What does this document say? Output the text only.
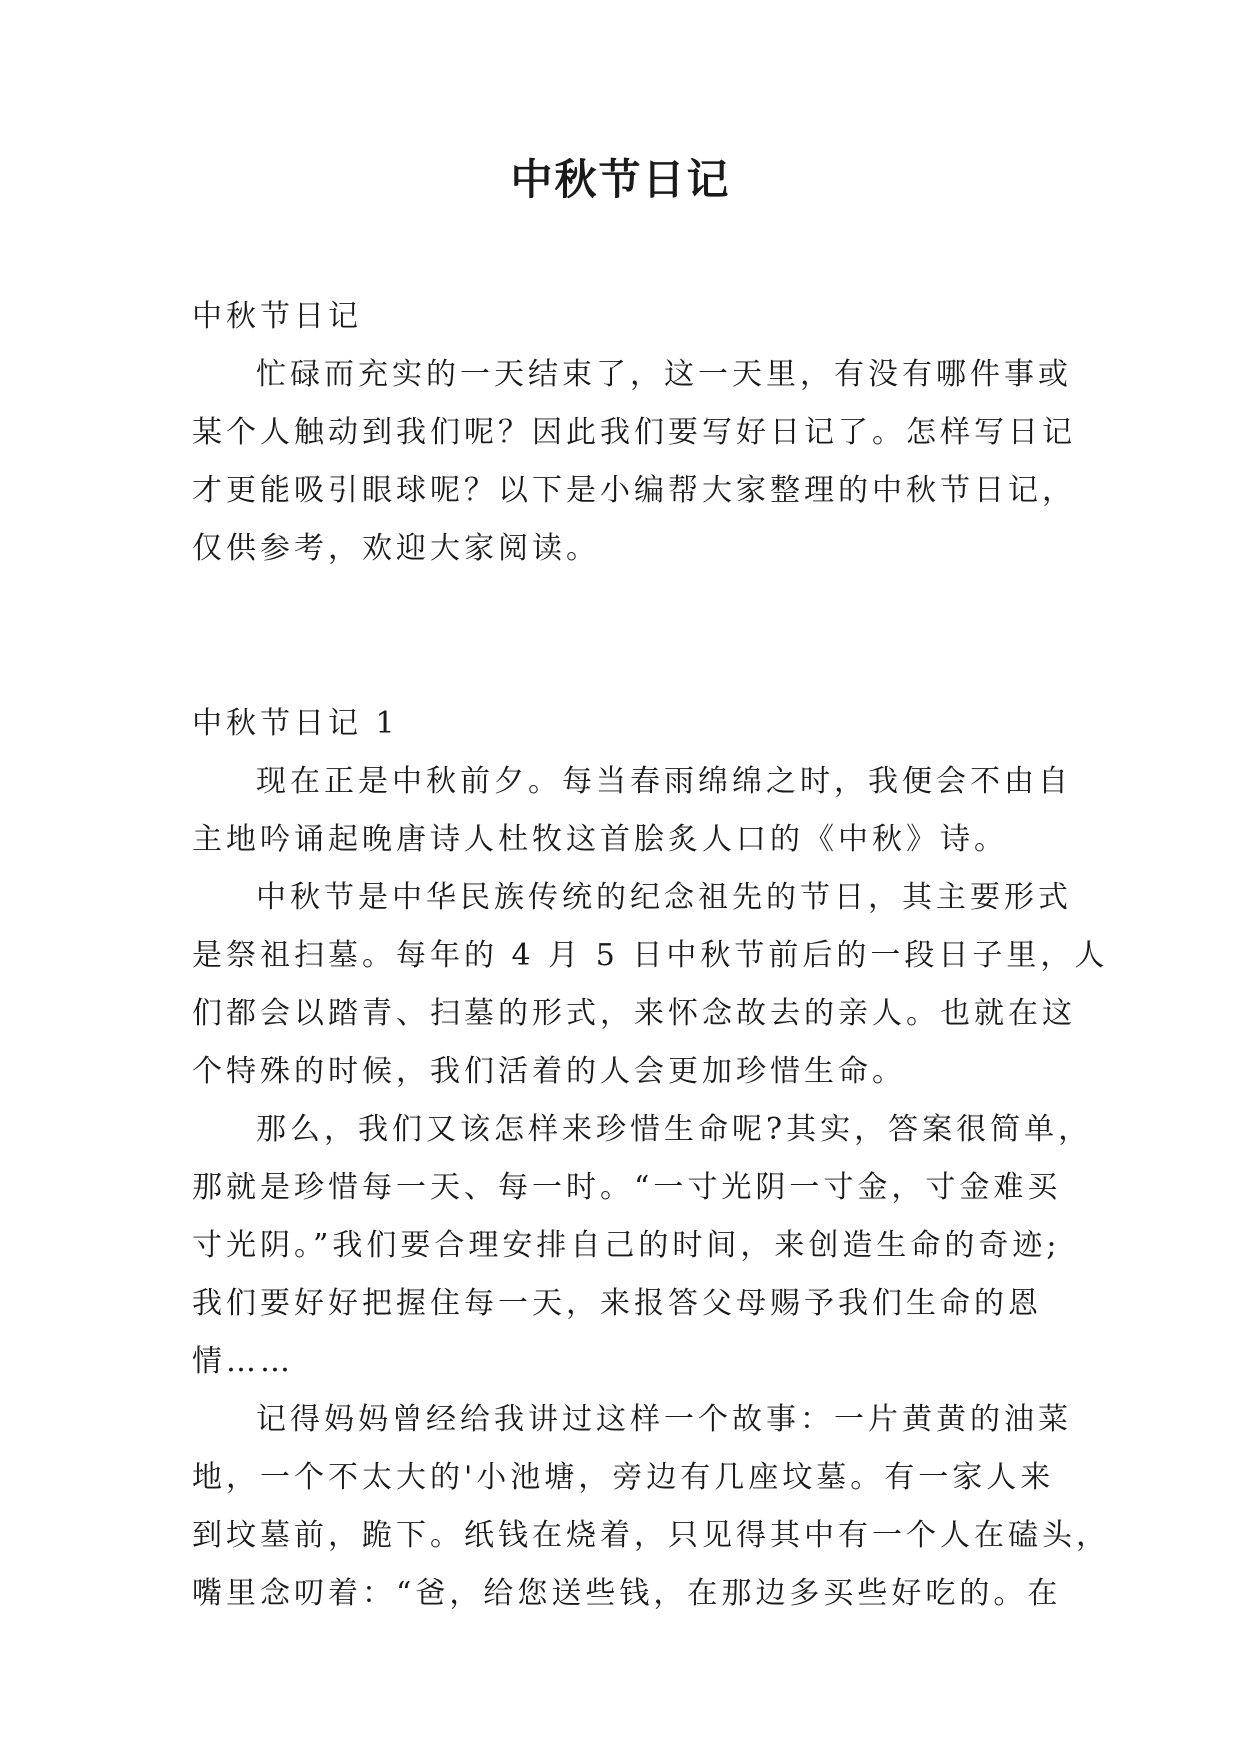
中秋节日记

中秋节日记

忙碌而充实的一天结束了，这一天里，有没有哪件事或

某个人触动到我们呢？因此我们要写好日记了。怎样写日记

才更能吸引眼球呢？以下是小编帮大家整理的中秋节日记，

仅供参考，欢迎大家阅读。

中秋节日记 1

现在正是中秋前夕。每当春雨绵绵之时，我便会不由自

主地吟诵起晚唐诗人杜牧这首脍炙人口的《中秋》诗。

中秋节是中华民族传统的纪念祖先的节日，其主要形式

是祭祖扫墓。每年的 4 月 5 日中秋节前后的一段日子里，人

们都会以踏青、扫墓的形式，来怀念故去的亲人。也就在这

个特殊的时候，我们活着的人会更加珍惜生命。

那么，我们又该怎样来珍惜生命呢?其实，答案很简单，

那就是珍惜每一天、每一时。“一寸光阴一寸金，寸金难买

寸光阴。”我们要合理安排自己的时间，来创造生命的奇迹;

我们要好好把握住每一天，来报答父母赐予我们生命的恩

情……

记得妈妈曾经给我讲过这样一个故事：一片黄黄的油菜

地，一个不太大的'小池塘，旁边有几座坟墓。有一家人来

到坟墓前，跪下。纸钱在烧着，只见得其中有一个人在磕头，

嘴里念叨着：“爸，给您送些钱，在那边多买些好吃的。在
